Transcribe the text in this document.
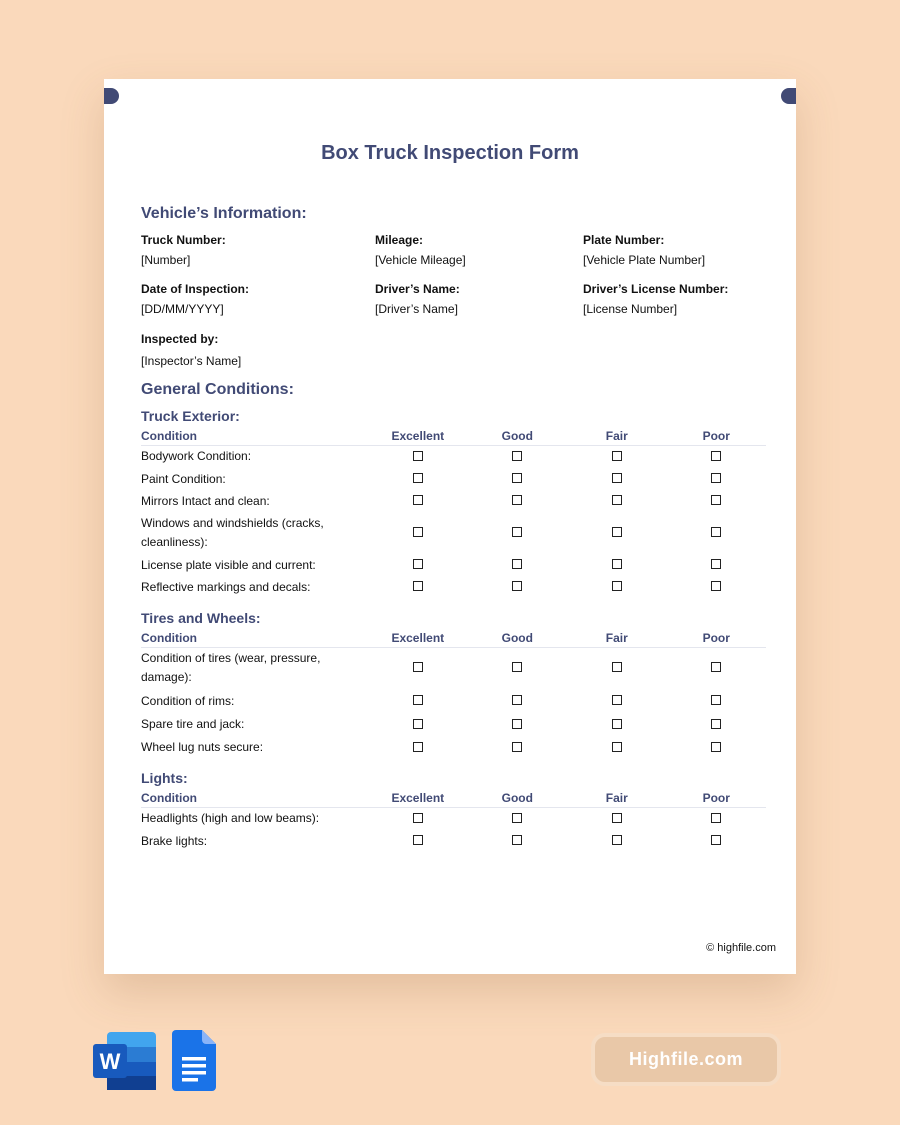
Box Truck Inspection Form
Vehicle’s Information:
Truck Number:
[Number]
Mileage:
[Vehicle Mileage]
Plate Number:
[Vehicle Plate Number]
Date of Inspection:
[DD/MM/YYYY]
Driver’s Name:
[Driver’s Name]
Driver’s License Number:
[License Number]
Inspected by:
[Inspector’s Name]
General Conditions:
Truck Exterior:
Condition	Excellent	Good	Fair	Poor
Bodywork Condition:				
Paint Condition:				
Mirrors Intact and clean:				
Windows and windshields (cracks, cleanliness):				
License plate visible and current:				
Reflective markings and decals:				
Tires and Wheels:
Condition	Excellent	Good	Fair	Poor
Condition of tires (wear, pressure, damage):				
Condition of rims:				
Spare tire and jack:				
Wheel lug nuts secure:				
Lights:
Condition	Excellent	Good	Fair	Poor
Headlights (high and low beams):				
Brake lights:				
© highfile.com
W	Highfile.com
